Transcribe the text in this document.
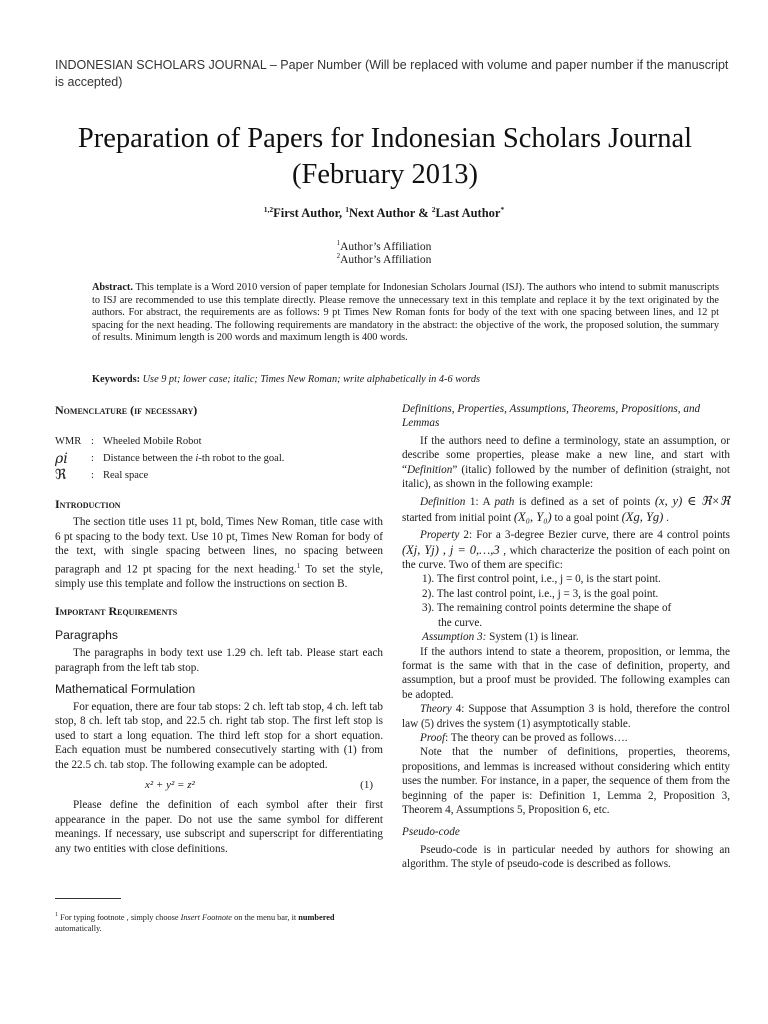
INDONESIAN SCHOLARS JOURNAL – Paper Number (Will be replaced with volume and paper number if the manuscript is accepted)
Preparation of Papers for Indonesian Scholars Journal (February 2013)
$^{1,2}$First Author, $^1$Next Author & $^2$Last Author*
$^1$Author’s Affiliation
$^2$Author’s Affiliation
Abstract. This template is a Word 2010 version of paper template for Indonesian Scholars Journal (ISJ). The authors who intend to submit manuscripts to ISJ are recommended to use this template directly. Please remove the unnecessary text in this template and replace it by the text originated by the authors. For abstract, the requirements are as follows: 9 pt Times New Roman fonts for body of the text with one spacing between lines, and 12 pt spacing for the next heading. The following requirements are mandatory in the abstract: the objective of the work, the proposed solution, the summary of results. Minimum length is 200 words and maximum length is 400 words.
Keywords: Use 9 pt; lower case; italic; Times New Roman; write alphabetically in 4-6 words

Nomenclature (if necessary)

WMR : Wheeled Mobile Robot
ρi	: Distance between the i-th robot to the goal.
ℜ	: Real space

Introduction

The section title uses 11 pt, bold, Times New Roman, title case with 6 pt spacing to the body text. Use 10 pt, Times New Roman for body of the text, with single spacing between lines, no spacing between paragraph and 12 pt spacing for the next heading.$^1$ To set the style, simply use this template and follow the instructions on section B.

Important Requirements

Paragraphs

The paragraphs in body text use 1.29 ch. left tab. Please start each paragraph from the left tab stop.

Mathematical Formulation

For equation, there are four tab stops: 2 ch. left tab stop, 4 ch. left tab stop, 8 ch. left tab stop, and 22.5 ch. right tab stop. The first left stop is used to start a long equation. The third left stop for a short equation. Each equation must be numbered consecutively starting with (1) from the 22.5 ch. tab stop. The following example can be adopted.

x² + y² = z²	(1)

Please define the definition of each symbol after their first appearance in the paper. Do not use the same symbol for different meanings. If necessary, use subscript and superscript for differentiating any two entities with close definitions.

$^1$ For typing footnote , simply choose Insert Footnote on the menu bar, it numbered automatically.

Definitions, Properties, Assumptions, Theorems, Propositions, and Lemmas

If the authors need to define a terminology, state an assumption, or describe some properties, please make a new line, and start with “Definition” (italic) followed by the number of definition (straight, not italic), as shown in the following example:

Definition 1: A path is defined as a set of points (x, y) ∈ ℜ×ℜ started from initial point (X₀, Y₀) to a goal point (Xg, Yg) .

Property 2: For a 3-degree Bezier curve, there are 4 control points (Xj, Yj) , j = 0,…,3 , which characterize the position of each point on the curve. Two of them are specific:

1). The first control point, i.e., j = 0, is the start point.

2). The last control point, i.e., j = 3, is the goal point.

3). The remaining control points determine the shape of

the curve.

Assumption 3: System (1) is linear.

If the authors intend to state a theorem, proposition, or lemma, the format is the same with that in the case of definition, property, and assumption, but a proof must be provided. The following examples can be adopted.

Theory 4: Suppose that Assumption 3 is hold, therefore the control law (5) drives the system (1) asymptotically stable.

Proof: The theory can be proved as follows….

Note that the number of definitions, properties, theorems, propositions, and lemmas is increased without considering which entity uses the number. For instance, in a paper, the sequence of them from the beginning of the paper is: Definition 1, Lemma 2, Proposition 3, Theorem 4, Assumptions 5, Proposition 6, etc.

Pseudo-code

Pseudo-code is in particular needed by authors for showing an algorithm. The style of pseudo-code is described as follows.
